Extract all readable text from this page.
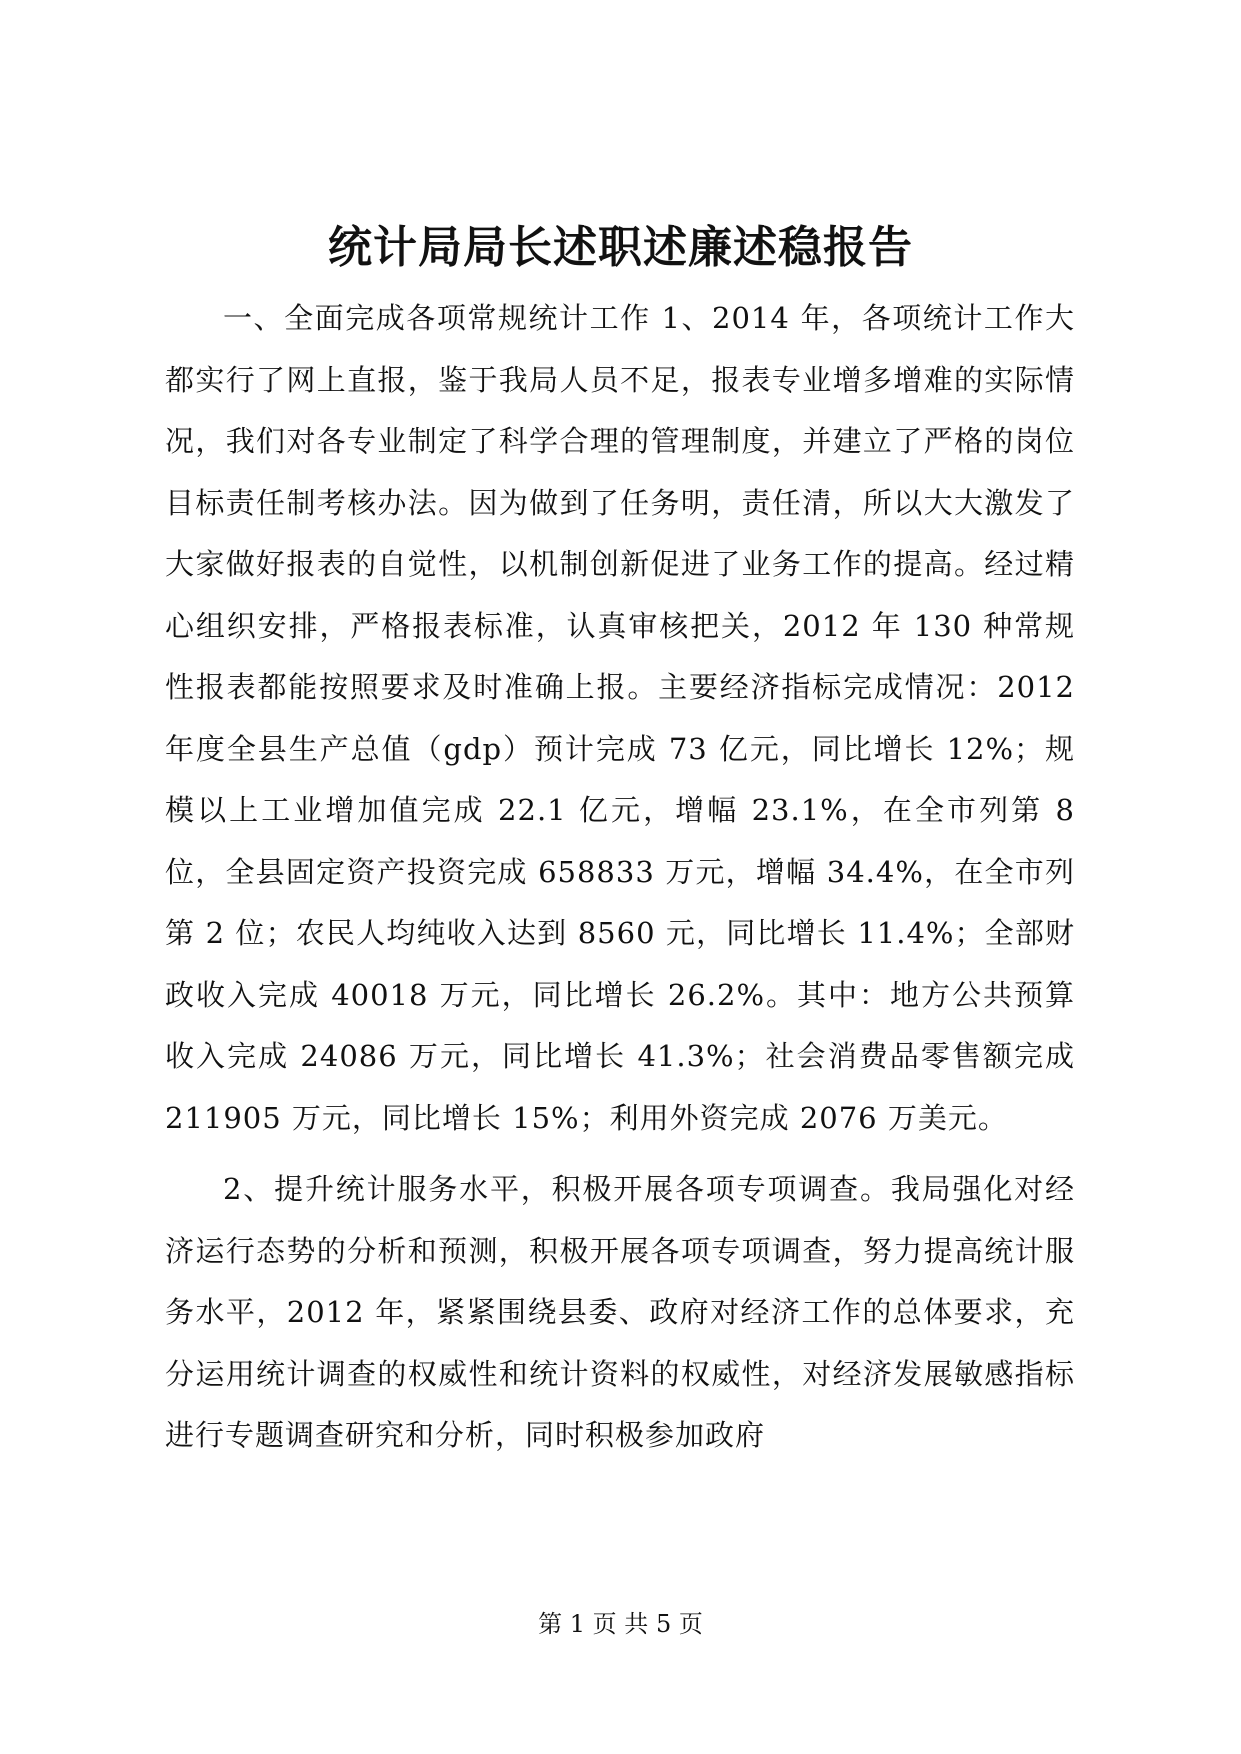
统计局局长述职述廉述稳报告

一、全面完成各项常规统计工作 1、2014 年，各项统计工作大都实行了网上直报，鉴于我局人员不足，报表专业增多增难的实际情况，我们对各专业制定了科学合理的管理制度，并建立了严格的岗位目标责任制考核办法。因为做到了任务明，责任清，所以大大激发了大家做好报表的自觉性，以机制创新促进了业务工作的提高。经过精心组织安排，严格报表标准，认真审核把关，2012 年 130 种常规性报表都能按照要求及时准确上报。主要经济指标完成情况：2012 年度全县生产总值（gdp）预计完成 73 亿元，同比增长 12%；规模以上工业增加值完成 22.1 亿元，增幅 23.1%，在全市列第 8 位，全县固定资产投资完成 658833 万元，增幅 34.4%，在全市列第 2 位；农民人均纯收入达到 8560 元，同比增长 11.4%；全部财政收入完成 40018 万元，同比增长 26.2%。其中：地方公共预算收入完成 24086 万元，同比增长 41.3%；社会消费品零售额完成 211905 万元，同比增长 15%；利用外资完成 2076 万美元。

2、提升统计服务水平，积极开展各项专项调查。我局强化对经济运行态势的分析和预测，积极开展各项专项调查，努力提高统计服务水平，2012 年，紧紧围绕县委、政府对经济工作的总体要求，充分运用统计调查的权威性和统计资料的权威性，对经济发展敏感指标进行专题调查研究和分析，同时积极参加政府

第 1 页 共 5 页
